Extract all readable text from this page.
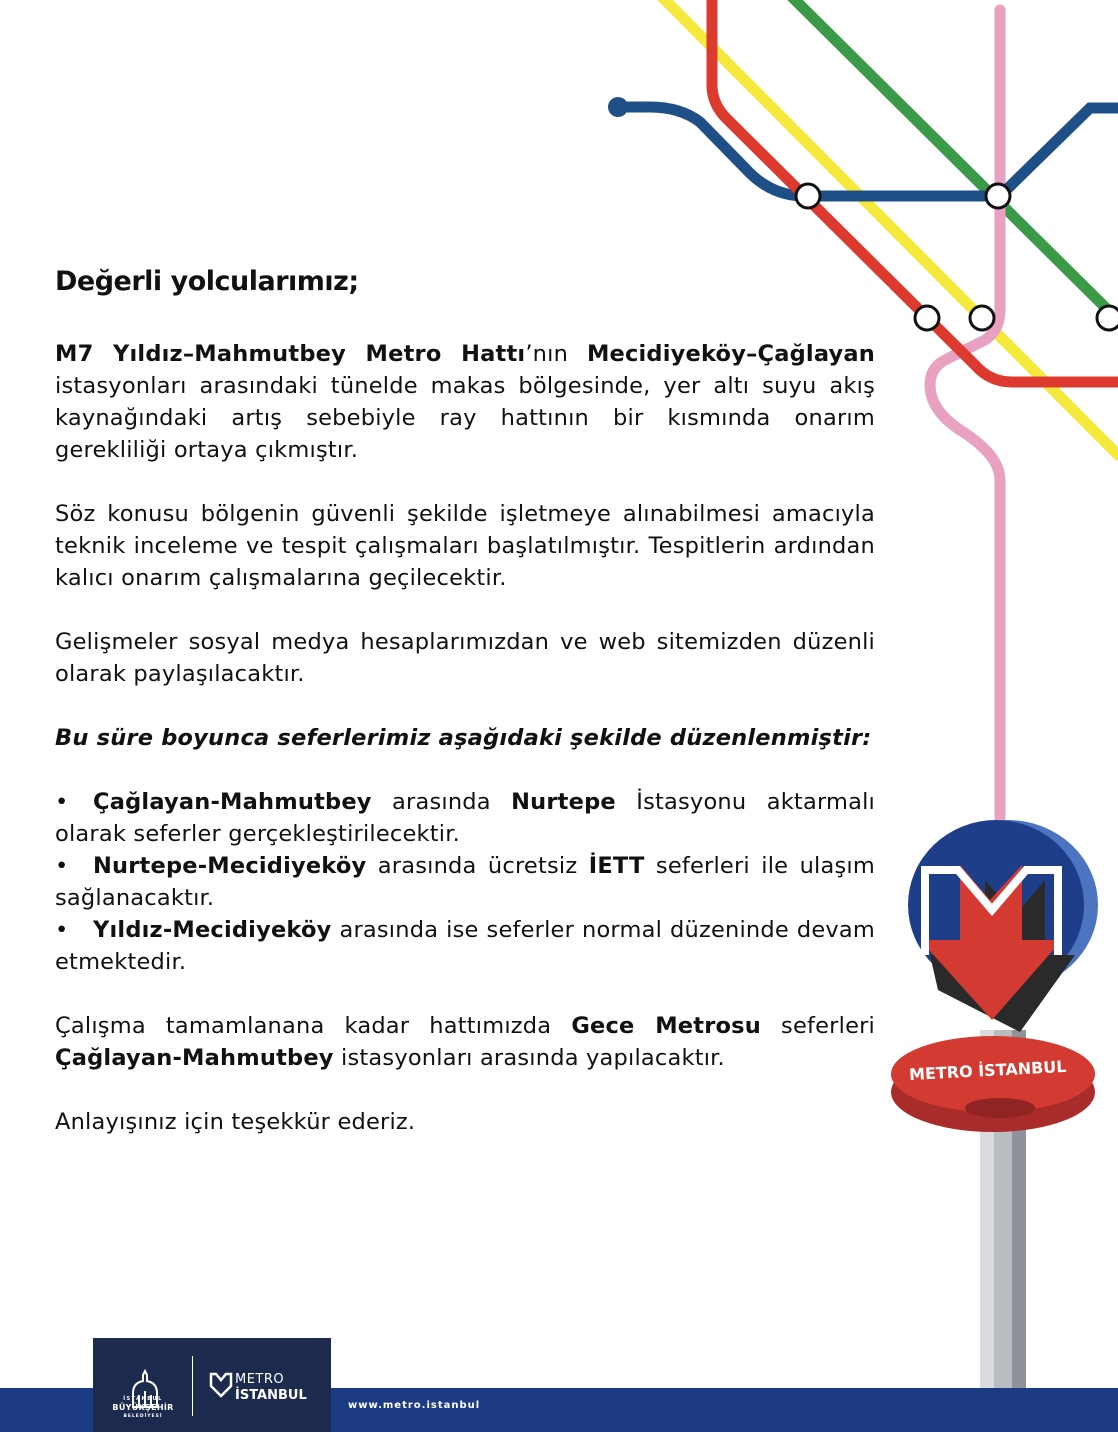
METRO İSTANBUL
Değerli yolcularımız;

M7 Yıldız–Mahmutbey Metro Hattı’nın Mecidiyeköy–Çağlayan istasyonları arasındaki tünelde makas bölgesinde, yer altı suyu akış kaynağındaki artış sebebiyle ray hattının bir kısmında onarım gerekliliği ortaya çıkmıştır.

Söz konusu bölgenin güvenli şekilde işletmeye alınabilmesi amacıyla teknik inceleme ve tespit çalışmaları başlatılmıştır. Tespitlerin ardından kalıcı onarım çalışmalarına geçilecektir.

Gelişmeler sosyal medya hesaplarımızdan ve web sitemizden düzenli olarak paylaşılacaktır.

Bu süre boyunca seferlerimiz aşağıdaki şekilde düzenlenmiştir:

• Çağlayan-Mahmutbey arasında Nurtepe İstasyonu aktarmalı olarak seferler gerçekleştirilecektir.
• Nurtepe-Mecidiyeköy arasında ücretsiz İETT seferleri ile ulaşım sağlanacaktır.
• Yıldız-Mecidiyeköy arasında ise seferler normal düzeninde devam etmektedir.

Çalışma tamamlanana kadar hattımızda Gece Metrosu seferleri Çağlayan-Mahmutbey istasyonları arasında yapılacaktır.

Anlayışınız için teşekkür ederiz.

www.metro.istanbul
İSTANBUL
BÜYÜKŞEHİR
BELEDİYESİ
METRO
İSTANBUL
